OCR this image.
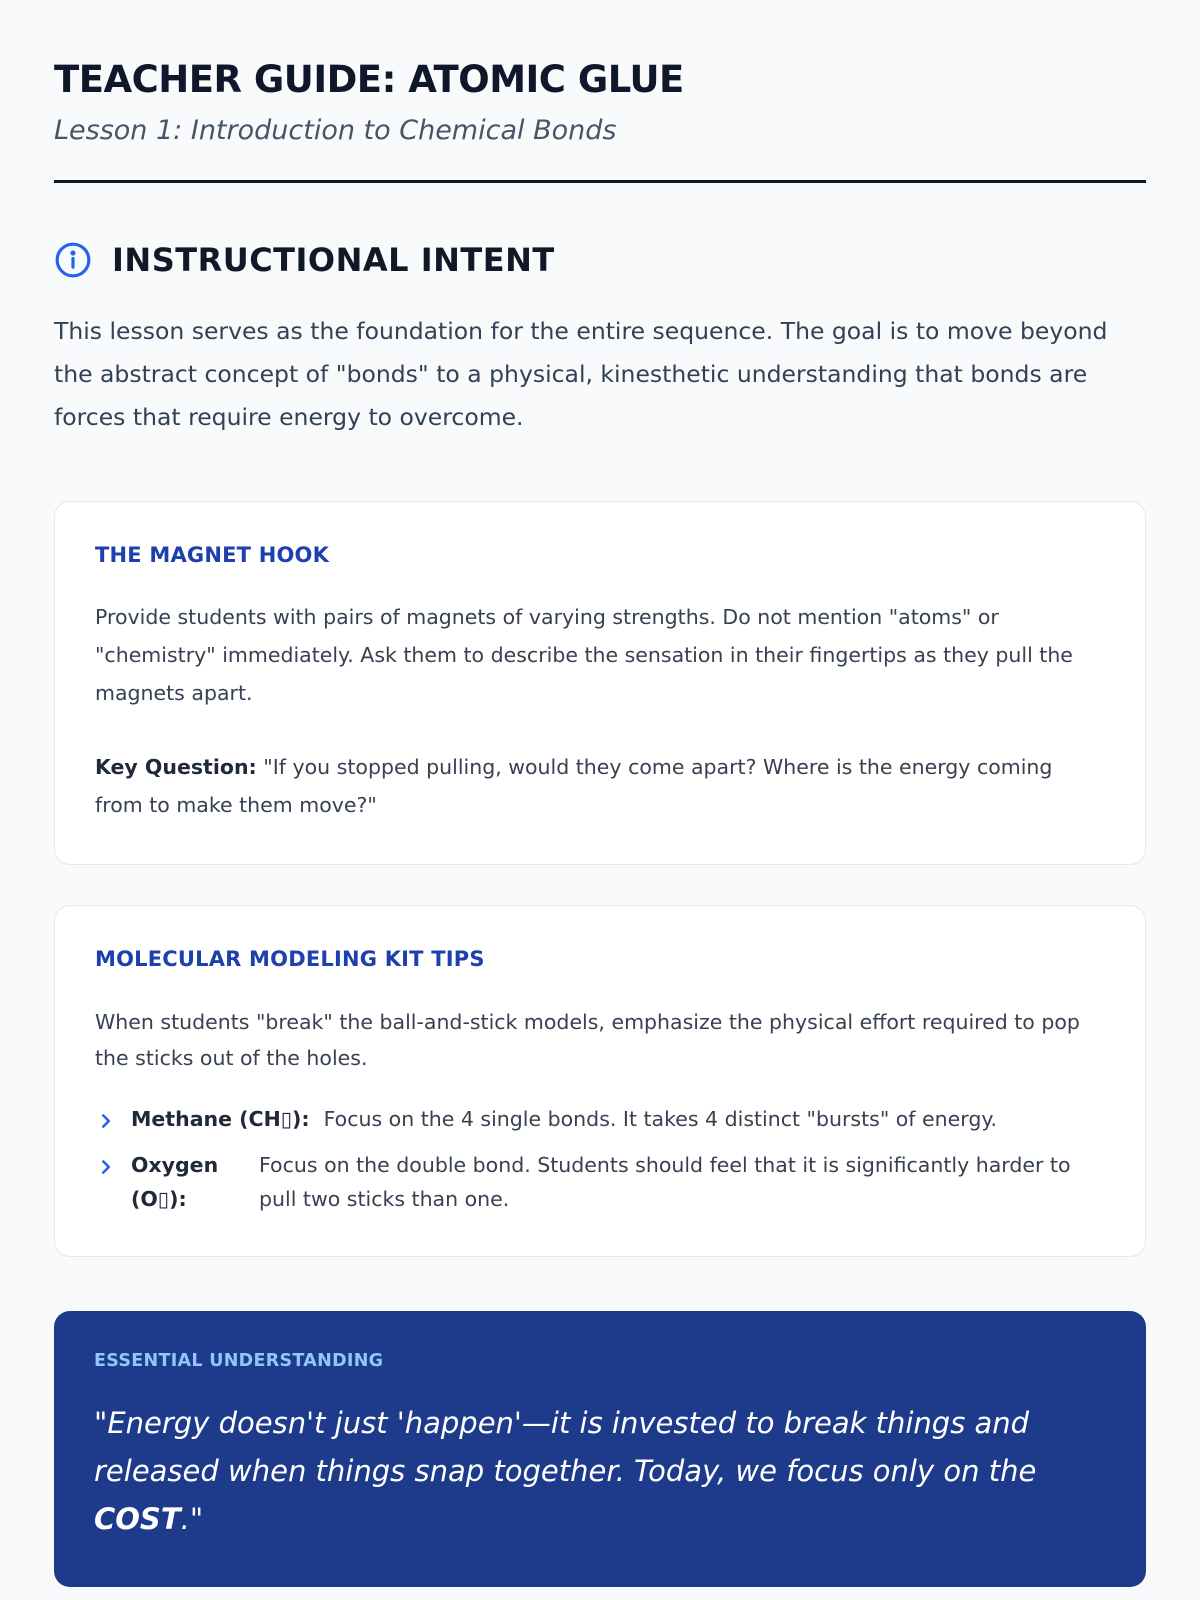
TEACHER GUIDE: ATOMIC GLUE
Lesson 1: Introduction to Chemical Bonds
INSTRUCTIONAL INTENT

This lesson serves as the foundation for the entire sequence. The goal is to move beyond the abstract concept of "bonds" to a physical, kinesthetic understanding that bonds are forces that require energy to overcome.

THE MAGNET HOOK

Provide students with pairs of magnets of varying strengths. Do not mention "atoms" or "chemistry" immediately. Ask them to describe the sensation in their fingertips as they pull the magnets apart.

Key Question: "If you stopped pulling, would they come apart? Where is the energy coming from to make them move?"

MOLECULAR MODELING KIT TIPS

When students "break" the ball-and-stick models, emphasize the physical effort required to pop the sticks out of the holes.

Methane (CH▯): Focus on the 4 single bonds. It takes 4 distinct "bursts" of energy.
Oxygen (O▯):
Focus on the double bond. Students should feel that it is significantly harder to pull two sticks than one.
ESSENTIAL UNDERSTANDING

"Energy doesn't just 'happen'—it is invested to break things and released when things snap together. Today, we focus only on the COST."
